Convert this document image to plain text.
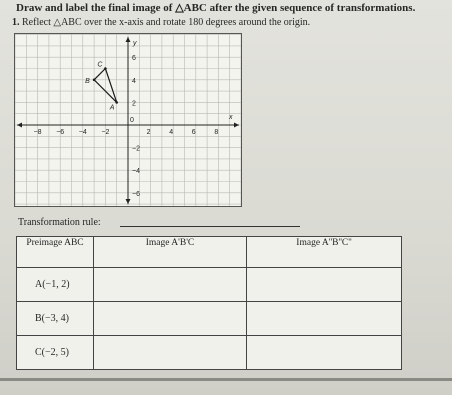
Draw and label the final image of △ABC after the given sequence of transformations.
1. Reflect △ABC over the x-axis and rotate 180 degrees around the origin.
x
y
−8 −6 −4 −2
0
2	4	6	8
6
4
2
−2
−4
−6
A
B
C
Transformation rule:
Preimage ABC	Image A'B'C	Image A''B''C''
A(−1, 2)		
B(−3, 4)		
C(−2, 5)		
